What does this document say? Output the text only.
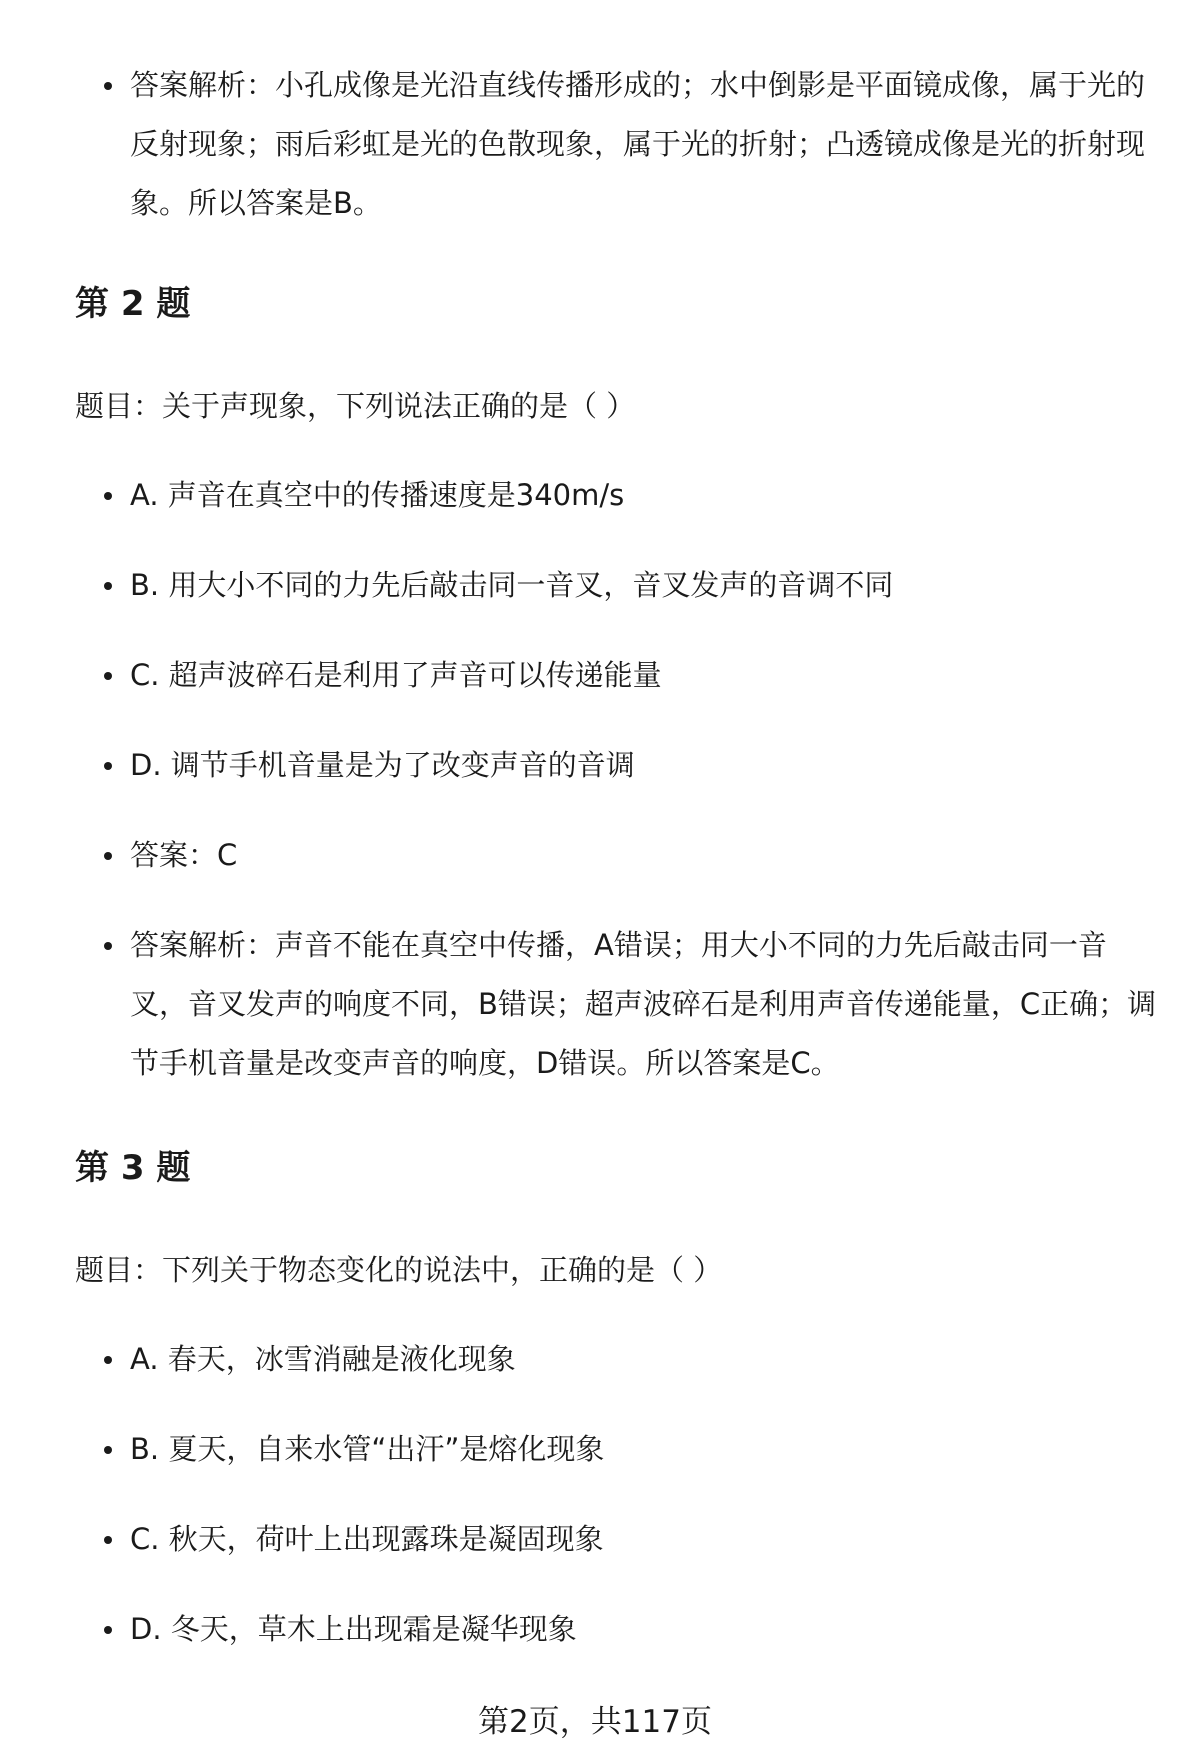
答案解析：小孔成像是光沿直线传播形成的；水中倒影是平面镜成像，属于光的反射现象；雨后彩虹是光的色散现象，属于光的折射；凸透镜成像是光的折射现象。所以答案是B。
第 2 题

题目：关于声现象，下列说法正确的是（ ）

A. 声音在真空中的传播速度是340m/s
B. 用大小不同的力先后敲击同一音叉，音叉发声的音调不同
C. 超声波碎石是利用了声音可以传递能量
D. 调节手机音量是为了改变声音的音调
答案：C
答案解析：声音不能在真空中传播，A错误；用大小不同的力先后敲击同一音叉，音叉发声的响度不同，B错误；超声波碎石是利用声音传递能量，C正确；调节手机音量是改变声音的响度，D错误。所以答案是C。
第 3 题

题目：下列关于物态变化的说法中，正确的是（ ）

A. 春天，冰雪消融是液化现象
B. 夏天，自来水管“出汗”是熔化现象
C. 秋天，荷叶上出现露珠是凝固现象
D. 冬天，草木上出现霜是凝华现象
第2页，共117页
